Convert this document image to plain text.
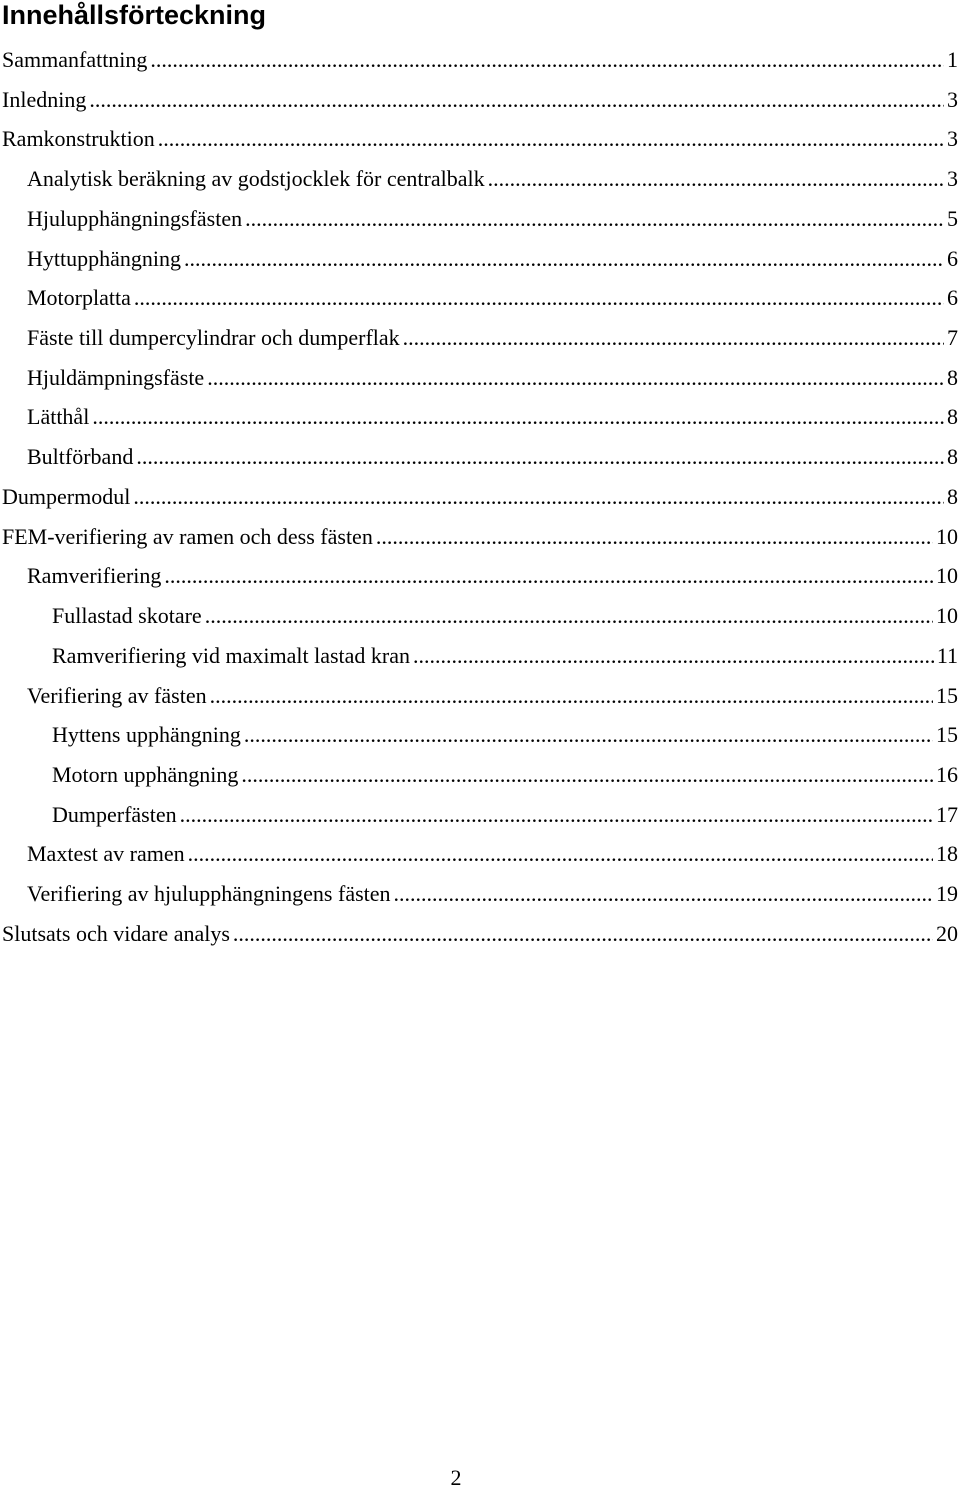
Innehållsförteckning
Sammanfattning .....	1
Inledning .....	3
Ramkonstruktion .....	3
Analytisk beräkning av godstjocklek för centralbalk .....	3
Hjulupphängningsfästen .....	5
Hyttupphängning .....	6
Motorplatta .....	6
Fäste till dumpercylindrar och dumperflak .....	7
Hjuldämpningsfäste .....	8
Lätthål .....	8
Bultförband .....	8
Dumpermodul .....	8
FEM-verifiering av ramen och dess fästen .....	10
Ramverifiering .....	10
Fullastad skotare .....	10
Ramverifiering vid maximalt lastad kran .....	11
Verifiering av fästen .....	15
Hyttens upphängning .....	15
Motorn upphängning .....	16
Dumperfästen .....	17
Maxtest av ramen .....	18
Verifiering av hjulupphängningens fästen .....	19
Slutsats och vidare analys .....	20
2
